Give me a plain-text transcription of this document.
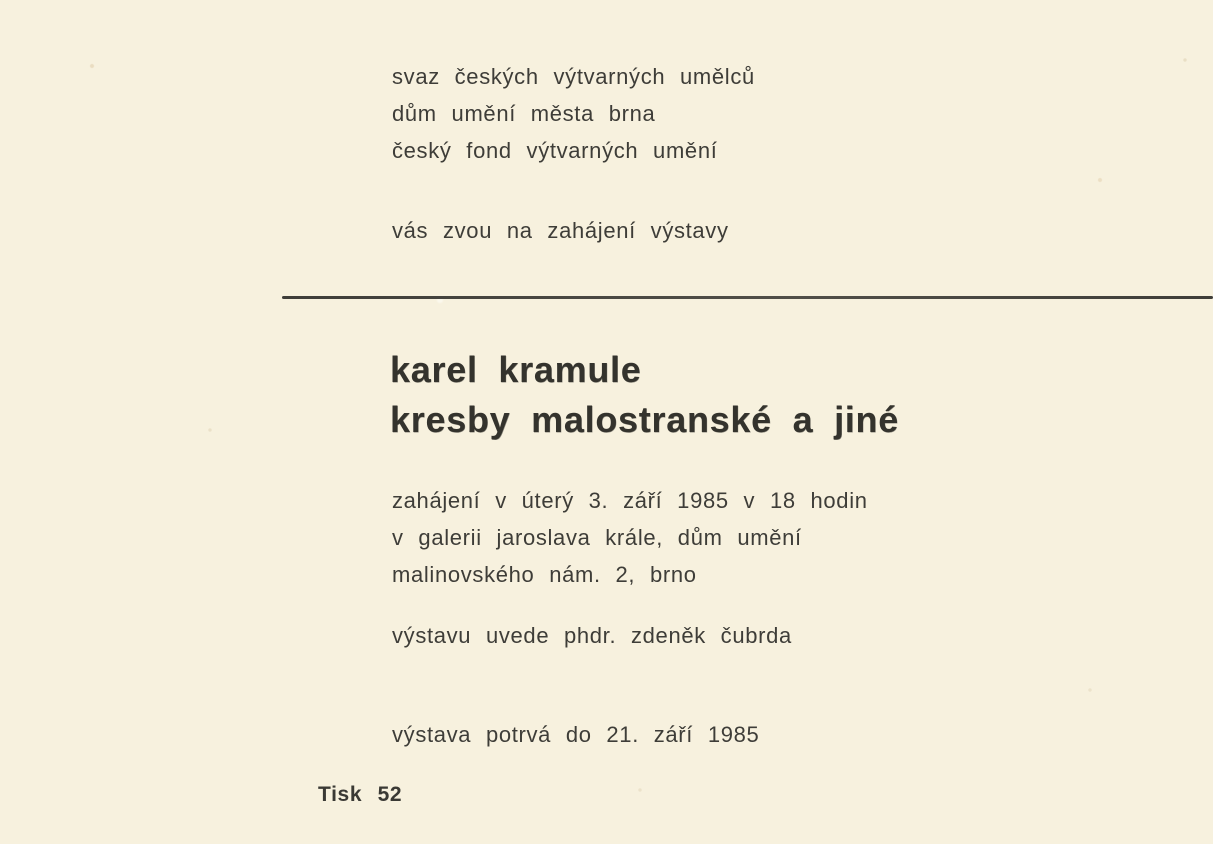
svaz českých výtvarných umělců
dům umění města brna
český fond výtvarných umění
vás zvou na zahájení výstavy
karel kramule
kresby malostranské a jiné
zahájení v úterý 3. září 1985 v 18 hodin
v galerii jaroslava krále, dům umění
malinovského nám. 2, brno
výstavu uvede phdr. zdeněk čubrda
výstava potrvá do 21. září 1985
Tisk 52
